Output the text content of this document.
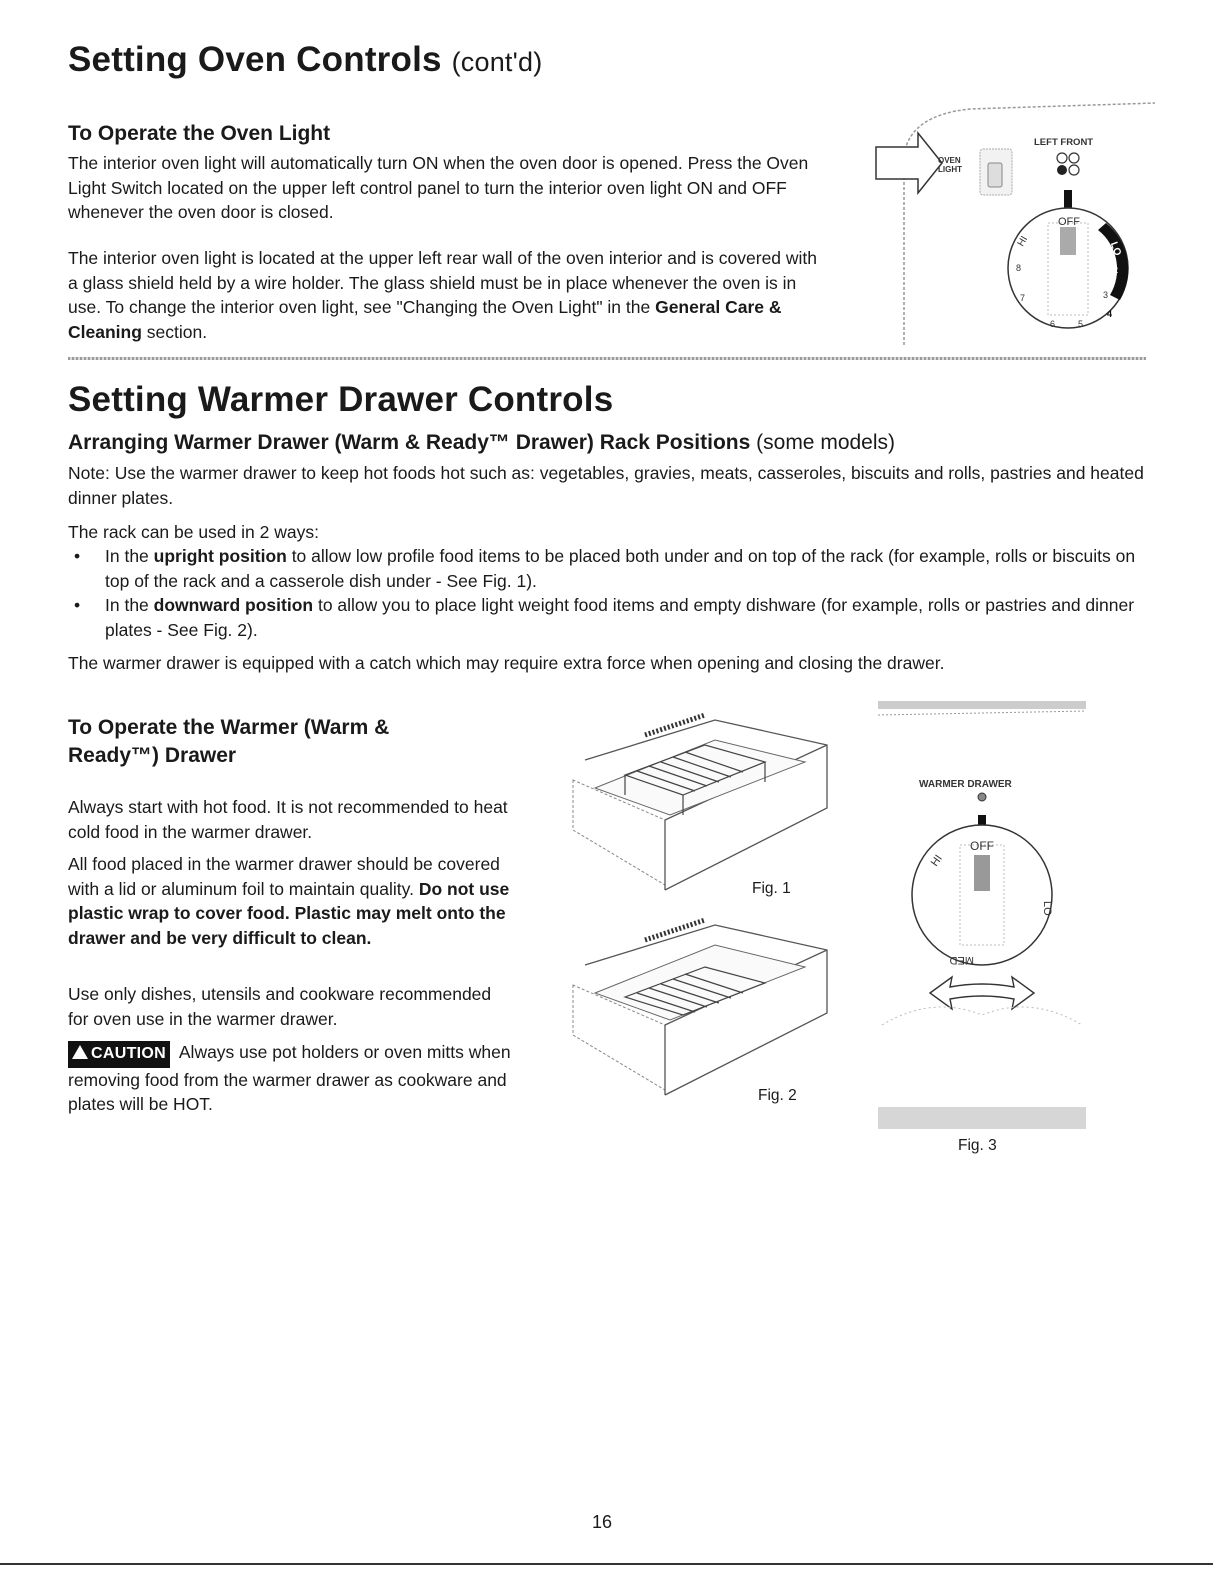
Setting Oven Controls (cont'd)
To Operate the Oven Light

The interior oven light will automatically turn ON when the oven door is opened. Press the Oven Light Switch located on the upper left control panel to turn the interior oven light ON and OFF whenever the oven door is closed.

The interior oven light is located at the upper left rear wall of the oven interior and is covered with a glass shield held by a wire holder. The glass shield must be in place whenever the oven is in use. To change the interior oven light, see "Changing the Oven Light" in the General Care & Cleaning section.

OVEN
LIGHT
LEFT FRONT
OFF
HI	LO
2
3
4
5
6
7
8
Setting Warmer Drawer Controls
Arranging Warmer Drawer (Warm & Ready™ Drawer) Rack Positions (some models)

Note: Use the warmer drawer to keep hot foods hot such as: vegetables, gravies, meats, casseroles, biscuits and rolls, pastries and heated dinner plates.

The rack can be used in 2 ways:

• In the upright position to allow low profile food items to be placed both under and on top of the rack (for example, rolls or biscuits on top of the rack and a casserole dish under - See Fig. 1).
• In the downward position to allow you to place light weight food items and empty dishware (for example, rolls or pastries and dinner plates - See Fig. 2).

The warmer drawer is equipped with a catch which may require extra force when opening and closing the drawer.

To Operate the Warmer (Warm & Ready™) Drawer

Always start with hot food. It is not recommended to heat cold food in the warmer drawer.

All food placed in the warmer drawer should be covered with a lid or aluminum foil to maintain quality. Do not use plastic wrap to cover food. Plastic may melt onto the drawer and be very difficult to clean.

Use only dishes, utensils and cookware recommended for oven use in the warmer drawer.

CAUTION Always use pot holders or oven mitts when removing food from the warmer drawer as cookware and plates will be HOT.

Fig. 1
Fig. 2
WARMER DRAWER
OFF
HI
LO
MED
Fig. 3
16
